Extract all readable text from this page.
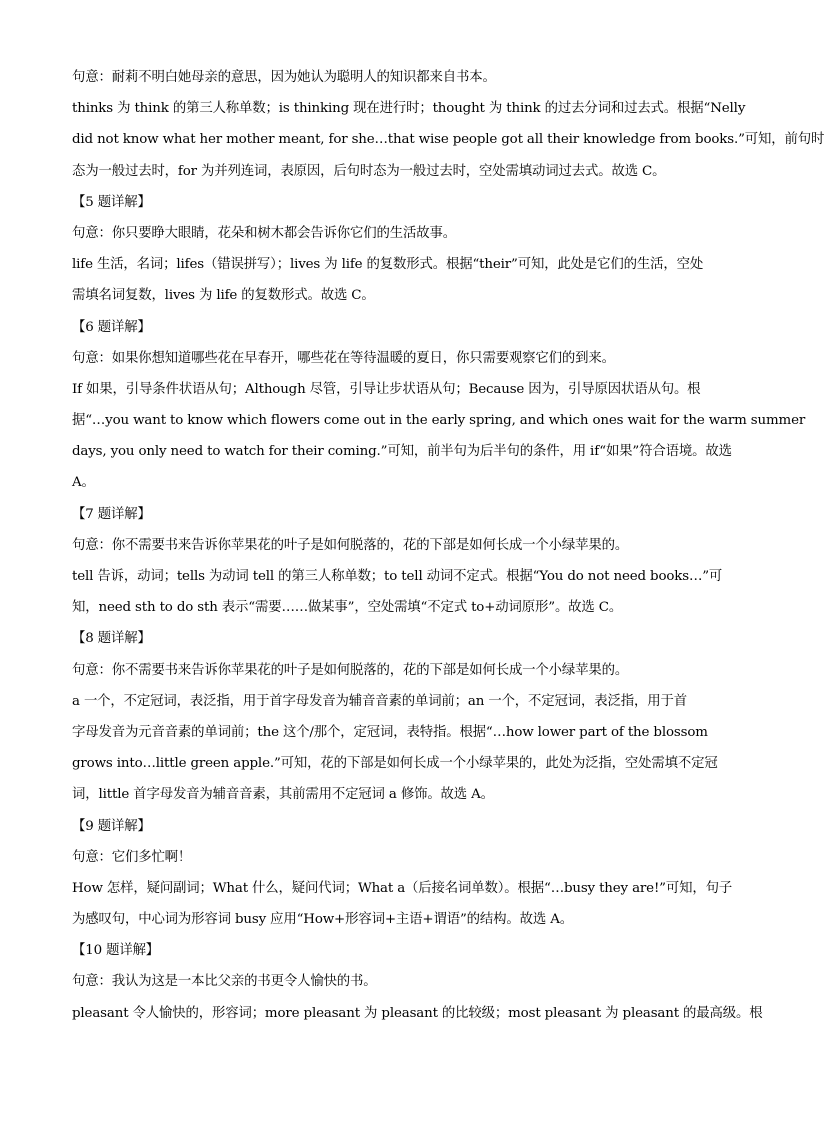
句意：耐莉不明白她母亲的意思，因为她认为聪明人的知识都来自书本。
thinks 为 think 的第三人称单数；is thinking 现在进行时；thought 为 think 的过去分词和过去式。根据“Nelly
did not know what her mother meant, for she…that wise people got all their knowledge from books.”可知，前句时
态为一般过去时，for 为并列连词，表原因，后句时态为一般过去时，空处需填动词过去式。故选 C。
【5 题详解】
句意：你只要睁大眼睛，花朵和树木都会告诉你它们的生活故事。
life 生活，名词；lifes（错误拼写）；lives 为 life 的复数形式。根据“their”可知，此处是它们的生活，空处
需填名词复数，lives 为 life 的复数形式。故选 C。
【6 题详解】
句意：如果你想知道哪些花在早春开，哪些花在等待温暖的夏日，你只需要观察它们的到来。
If 如果，引导条件状语从句；Although 尽管，引导让步状语从句；Because 因为，引导原因状语从句。根
据“…you want to know which flowers come out in the early spring, and which ones wait for the warm summer
days, you only need to watch for their coming.”可知，前半句为后半句的条件，用 if“如果”符合语境。故选
A。
【7 题详解】
句意：你不需要书来告诉你苹果花的叶子是如何脱落的，花的下部是如何长成一个小绿苹果的。
tell 告诉，动词；tells 为动词 tell 的第三人称单数；to tell 动词不定式。根据“You do not need books…”可
知，need sth to do sth 表示“需要……做某事”，空处需填“不定式 to+动词原形”。故选 C。
【8 题详解】
句意：你不需要书来告诉你苹果花的叶子是如何脱落的，花的下部是如何长成一个小绿苹果的。
a 一个，不定冠词，表泛指，用于首字母发音为辅音音素的单词前；an 一个，不定冠词，表泛指，用于首
字母发音为元音音素的单词前；the 这个/那个，定冠词，表特指。根据“…how lower part of the blossom
grows into…little green apple.”可知，花的下部是如何长成一个小绿苹果的，此处为泛指，空处需填不定冠
词，little 首字母发音为辅音音素，其前需用不定冠词 a 修饰。故选 A。
【9 题详解】
句意：它们多忙啊！
How 怎样，疑问副词；What 什么，疑问代词；What a（后接名词单数）。根据“…busy they are!”可知，句子
为感叹句，中心词为形容词 busy 应用“How+形容词+主语+谓语”的结构。故选 A。
【10 题详解】
句意：我认为这是一本比父亲的书更令人愉快的书。
pleasant 令人愉快的，形容词；more pleasant 为 pleasant 的比较级；most pleasant 为 pleasant 的最高级。根
